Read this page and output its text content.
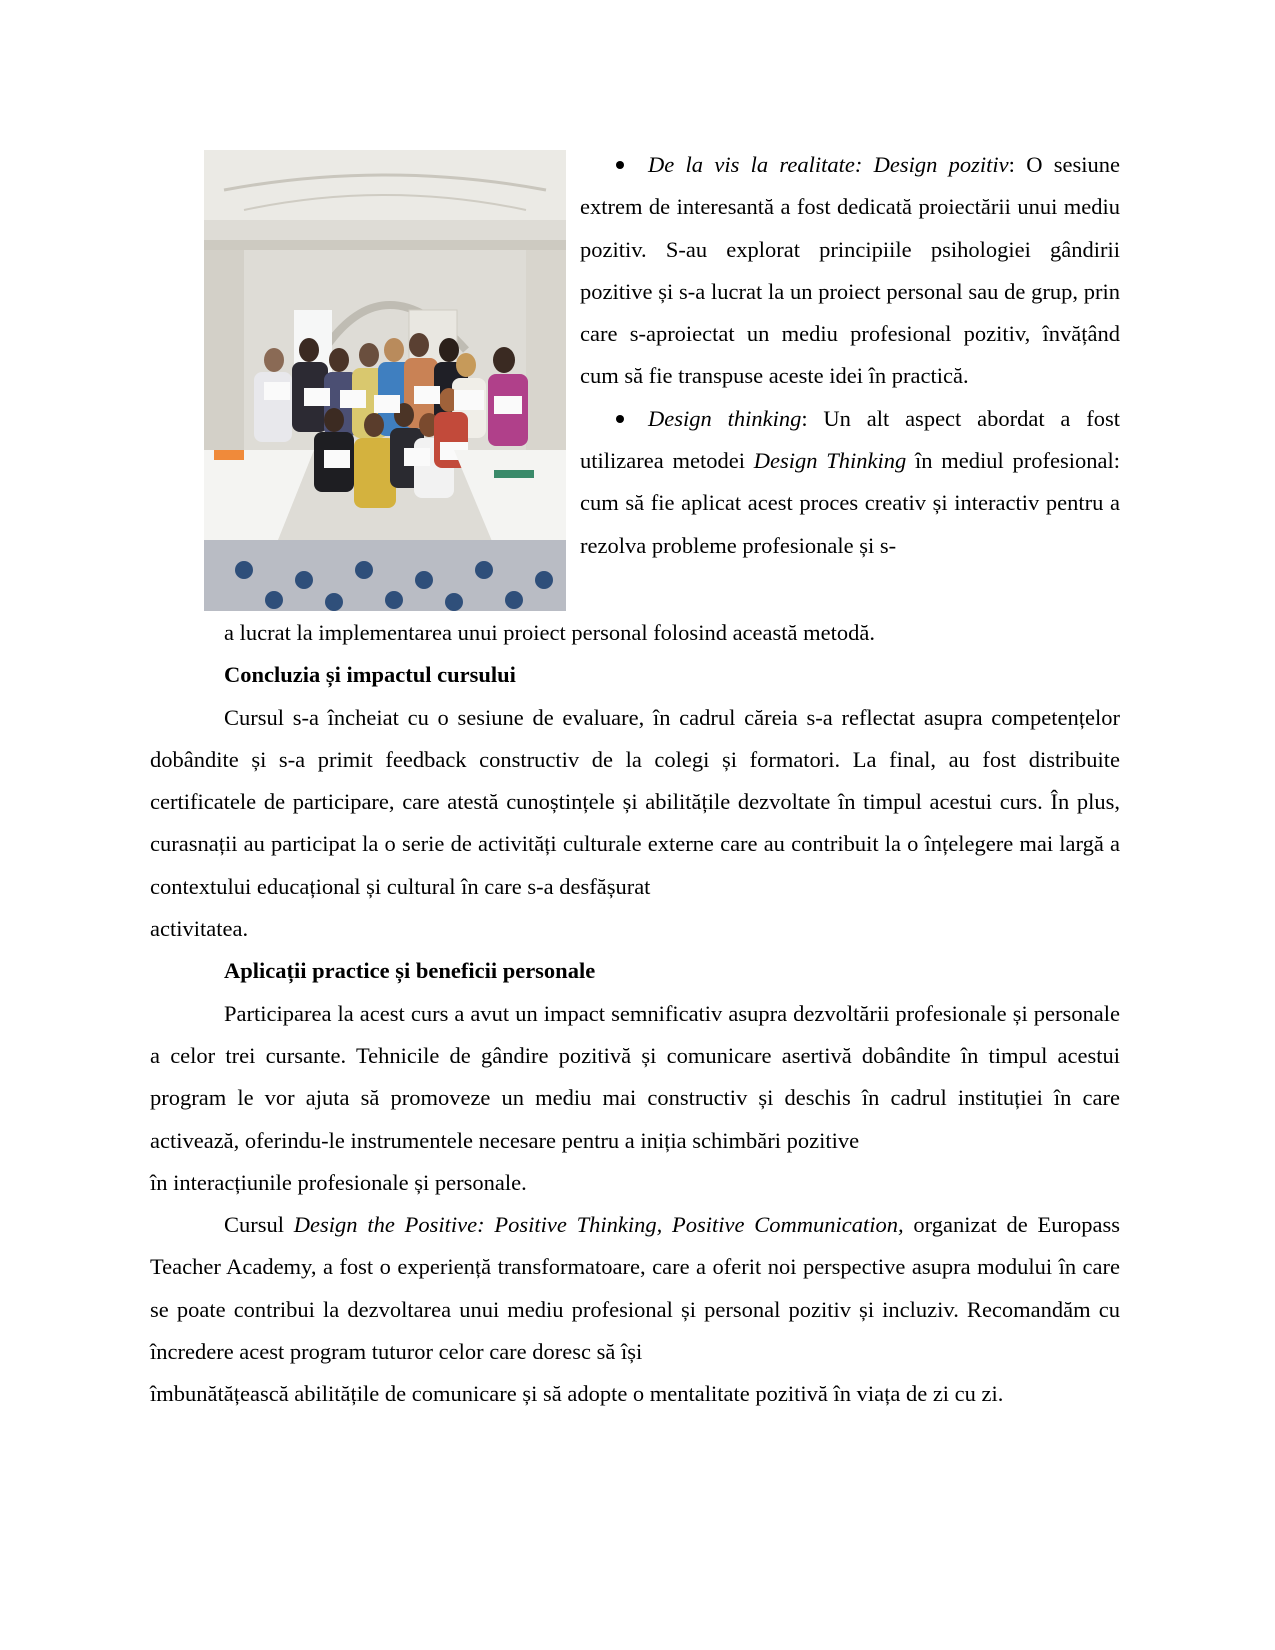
De la vis la realitate: Design pozitiv: O sesiune extrem de interesantă a fost dedicată proiectării unui mediu pozitiv. S-au explorat principiile psihologiei gândirii pozitive și s-a lucrat la un proiect personal sau de grup, prin care s-aproiectat un mediu profesional pozitiv, învățând cum să fie transpuse aceste idei în practică.

Design thinking: Un alt aspect abordat a fost utilizarea metodei Design Thinking în mediul profesional: cum să fie aplicat acest proces creativ și interactiv pentru a rezolva probleme profesionale și s-

a lucrat la implementarea unui proiect personal folosind această metodă.

Concluzia și impactul cursului

Cursul s-a încheiat cu o sesiune de evaluare, în cadrul căreia s-a reflectat asupra competențelor dobândite și s-a primit feedback constructiv de la colegi și formatori. La final, au fost distribuite certificatele de participare, care atestă cunoștințele și abilitățile dezvoltate în timpul acestui curs. În plus, curasnații au participat la o serie de activități culturale externe care au contribuit la o înțelegere mai largă a contextului educațional și cultural în care s-a desfășurat

activitatea.

Aplicații practice și beneficii personale

Participarea la acest curs a avut un impact semnificativ asupra dezvoltării profesionale și personale a celor trei cursante. Tehnicile de gândire pozitivă și comunicare asertivă dobândite în timpul acestui program le vor ajuta să promoveze un mediu mai constructiv și deschis în cadrul instituției în care activează, oferindu-le instrumentele necesare pentru a iniția schimbări pozitive

în interacțiunile profesionale și personale.

Cursul Design the Positive: Positive Thinking, Positive Communication, organizat de Europass Teacher Academy, a fost o experiență transformatoare, care a oferit noi perspective asupra modului în care se poate contribui la dezvoltarea unui mediu profesional și personal pozitiv și incluziv. Recomandăm cu încredere acest program tuturor celor care doresc să își

îmbunătățească abilitățile de comunicare și să adopte o mentalitate pozitivă în viața de zi cu zi.
